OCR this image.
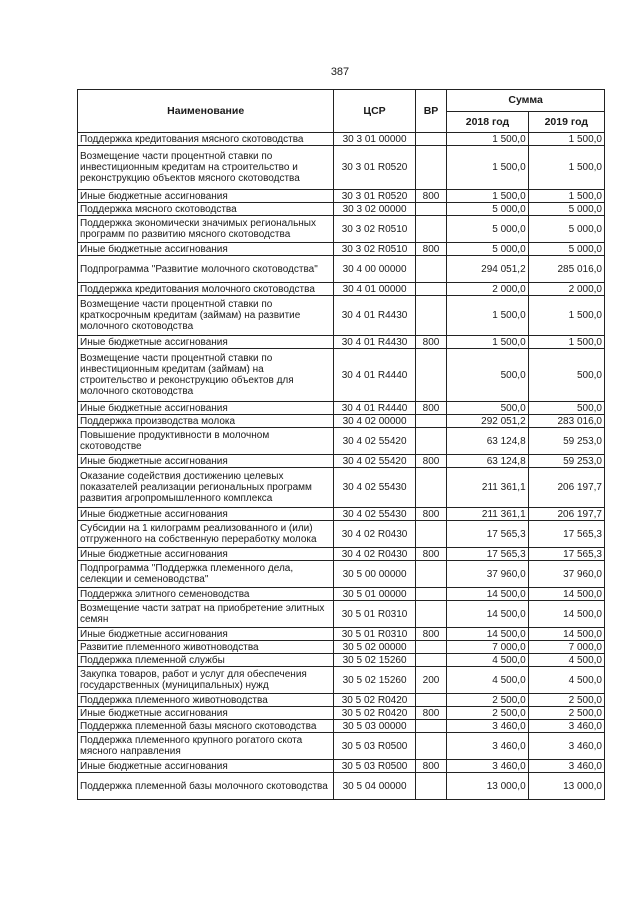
387
Наименование	ЦСР	ВР	Сумма	
			2018 год	2019 год
Поддержка кредитования мясного скотоводства	30 3 01 00000		1 500,0	1 500,0
Возмещение части процентной ставки по инвестиционным кредитам на строительство и реконструкцию объектов мясного скотоводства	30 3 01 R0520		1 500,0	1 500,0
Иные бюджетные ассигнования	30 3 01 R0520	800	1 500,0	1 500,0
Поддержка мясного скотоводства	30 3 02 00000		5 000,0	5 000,0
Поддержка экономически значимых региональных программ по развитию мясного скотоводства	30 3 02 R0510		5 000,0	5 000,0
Иные бюджетные ассигнования	30 3 02 R0510	800	5 000,0	5 000,0
Подпрограмма "Развитие молочного скотоводства"	30 4 00 00000		294 051,2	285 016,0
Поддержка кредитования молочного скотоводства	30 4 01 00000		2 000,0	2 000,0
Возмещение части процентной ставки по краткосрочным кредитам (займам) на развитие молочного скотоводства	30 4 01 R4430		1 500,0	1 500,0
Иные бюджетные ассигнования	30 4 01 R4430	800	1 500,0	1 500,0
Возмещение части процентной ставки по инвестиционным кредитам (займам) на строительство и реконструкцию объектов для молочного скотоводства	30 4 01 R4440		500,0	500,0
Иные бюджетные ассигнования	30 4 01 R4440	800	500,0	500,0
Поддержка производства молока	30 4 02 00000		292 051,2	283 016,0
Повышение продуктивности в молочном скотоводстве	30 4 02 55420		63 124,8	59 253,0
Иные бюджетные ассигнования	30 4 02 55420	800	63 124,8	59 253,0
Оказание содействия достижению целевых показателей реализации региональных программ развития агропромышленного комплекса	30 4 02 55430		211 361,1	206 197,7
Иные бюджетные ассигнования	30 4 02 55430	800	211 361,1	206 197,7
Субсидии на 1 килограмм реализованного и (или) отгруженного на собственную переработку молока	30 4 02 R0430		17 565,3	17 565,3
Иные бюджетные ассигнования	30 4 02 R0430	800	17 565,3	17 565,3
Подпрограмма "Поддержка племенного дела, селекции и семеноводства"	30 5 00 00000		37 960,0	37 960,0
Поддержка элитного семеноводства	30 5 01 00000		14 500,0	14 500,0
Возмещение части затрат на приобретение элитных семян	30 5 01 R0310		14 500,0	14 500,0
Иные бюджетные ассигнования	30 5 01 R0310	800	14 500,0	14 500,0
Развитие племенного животноводства	30 5 02 00000		7 000,0	7 000,0
Поддержка племенной службы	30 5 02 15260		4 500,0	4 500,0
Закупка товаров, работ и услуг для обеспечения государственных (муниципальных) нужд	30 5 02 15260	200	4 500,0	4 500,0
Поддержка племенного животноводства	30 5 02 R0420		2 500,0	2 500,0
Иные бюджетные ассигнования	30 5 02 R0420	800	2 500,0	2 500,0
Поддержка племенной базы мясного скотоводства	30 5 03 00000		3 460,0	3 460,0
Поддержка племенного крупного рогатого скота мясного направления	30 5 03 R0500		3 460,0	3 460,0
Иные бюджетные ассигнования	30 5 03 R0500	800	3 460,0	3 460,0
Поддержка племенной базы молочного скотоводства	30 5 04 00000		13 000,0	13 000,0
